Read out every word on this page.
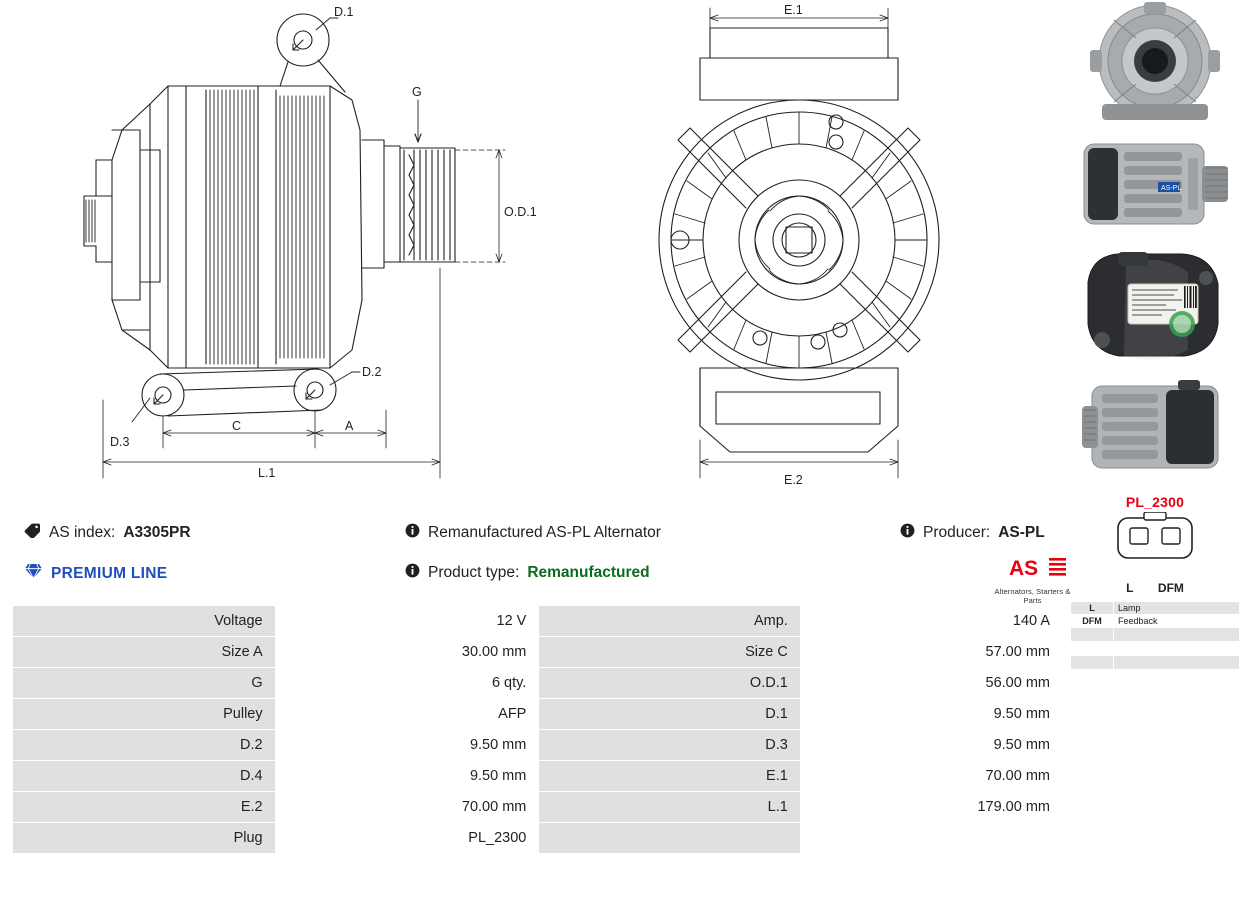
D.1
D.2
D.3
G
O.D.1
A
C
L.1
E.1
E.2
AS-PL
PL_2300
L DFM
L	Lamp
DFM	Feedback

AS index: A3305PR	Remanufactured AS-PL Alternator	Producer: AS-PL
PREMIUM LINE	Product type: Remanufactured	AS
Alternators, Starters & Parts
Voltage	12 V	Amp.	140 A
Size A	30.00 mm	Size C	57.00 mm
G	6 qty.	O.D.1	56.00 mm
Pulley	AFP	D.1	9.50 mm
D.2	9.50 mm	D.3	9.50 mm
D.4	9.50 mm	E.1	70.00 mm
E.2	70.00 mm	L.1	179.00 mm
Plug	PL_2300		
